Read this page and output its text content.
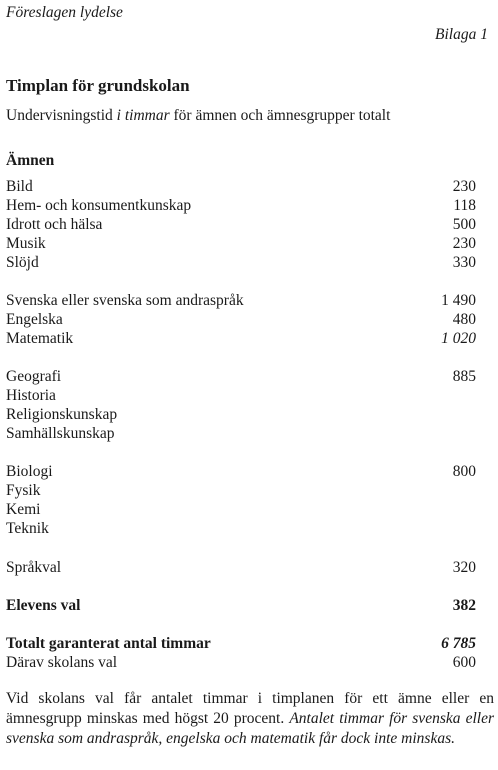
Föreslagen lydelse
Bilaga 1
Timplan för grundskolan
Undervisningstid i timmar för ämnen och ämnesgrupper totalt
Ämnen
Bild	230
Hem- och konsumentkunskap	118
Idrott och hälsa	500
Musik	230
Slöjd	330
Svenska eller svenska som andraspråk	1 490
Engelska	480
Matematik	1 020
Geografi	885
Historia
Religionskunskap
Samhällskunskap
Biologi	800
Fysik
Kemi
Teknik
Språkval	320
Elevens val	382
Totalt garanterat antal timmar	6 785
Därav skolans val	600
Vid skolans val får antalet timmar i timplanen för ett ämne eller en ämnesgrupp minskas med högst 20 procent. Antalet timmar för svenska eller svenska som andraspråk, engelska och matematik får dock inte minskas.
